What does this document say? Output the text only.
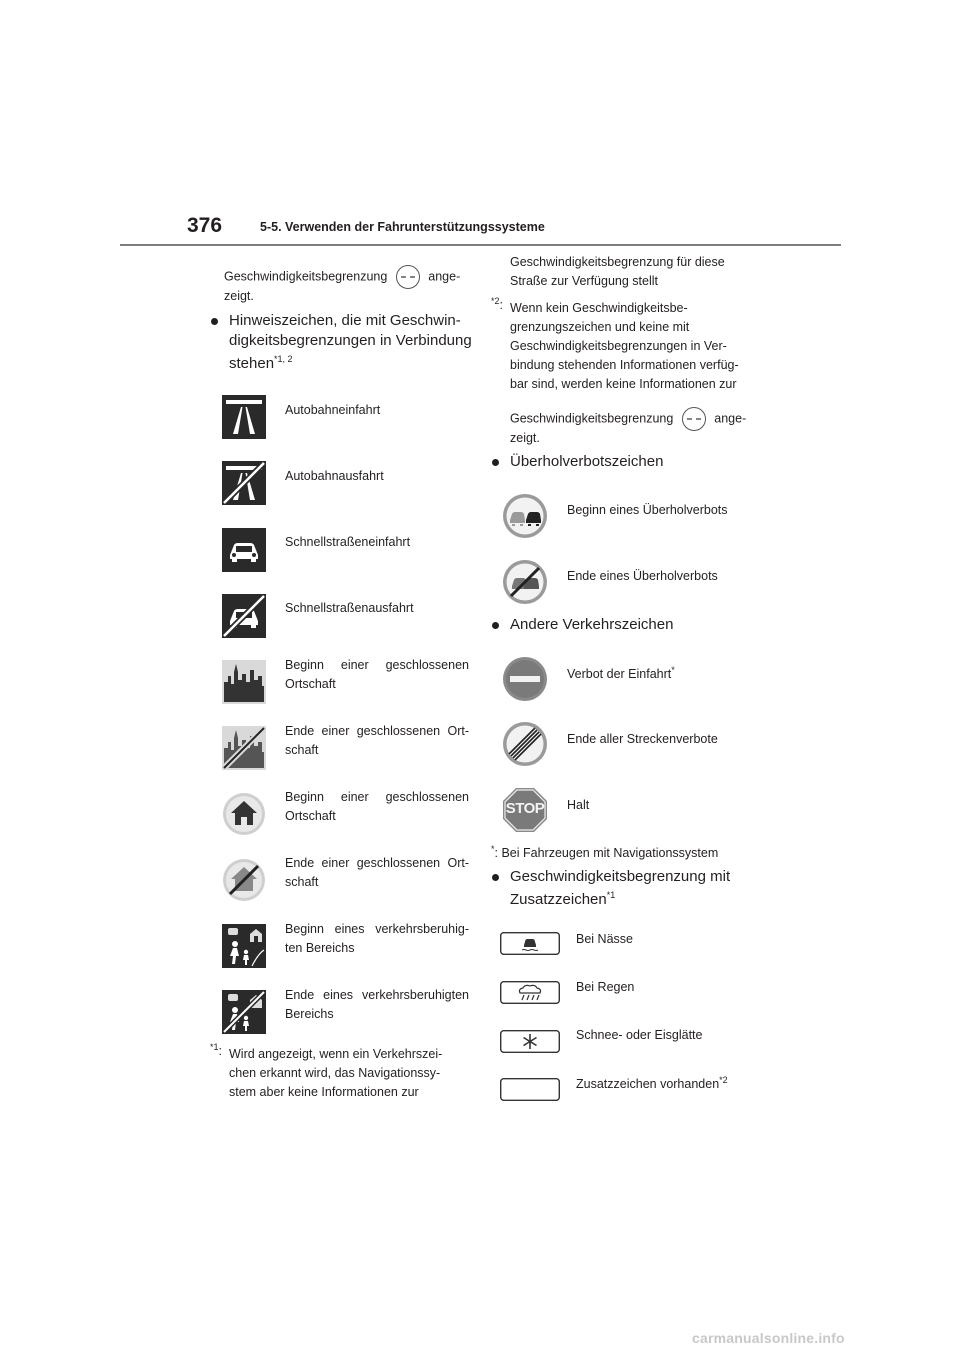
376	5-5. Verwenden der Fahrunterstützungssysteme
Geschwindigkeitsbegrenzung	ange-
zeigt.
Hinweiszeichen, die mit Geschwin-
digkeitsbegrenzungen in Verbindung
stehen$^{*1, 2}$
Autobahneinfahrt
Autobahnausfahrt
Schnellstraßeneinfahrt
Schnellstraßenausfahrt
Beginn einer geschlossenen
Ortschaft
Ende einer geschlossenen Ort-
schaft
Beginn einer geschlossenen
Ortschaft
Ende einer geschlossenen Ort-
schaft
Beginn eines verkehrsberuhig-
ten Bereichs
Ende eines verkehrsberuhigten
Bereichs
$^{*1}$: Wird angezeigt, wenn ein Verkehrszei-
chen erkannt wird, das Navigationssy-
stem aber keine Informationen zur
Geschwindigkeitsbegrenzung für diese
Straße zur Verfügung stellt
$^{*2}$: Wenn kein Geschwindigkeitsbe-
grenzungszeichen und keine mit
Geschwindigkeitsbegrenzungen in Ver-
bindung stehenden Informationen verfüg-
bar sind, werden keine Informationen zur
Geschwindigkeitsbegrenzung	ange-
zeigt.
Überholverbotszeichen
Beginn eines Überholverbots
Ende eines Überholverbots
Andere Verkehrszeichen
Verbot der Einfahrt*
Ende aller Streckenverbote
STOP Halt
*: Bei Fahrzeugen mit Navigationssystem
Geschwindigkeitsbegrenzung mit
Zusatzzeichen$^{*1}$
Bei Nässe
Bei Regen
Schnee- oder Eisglätte
Zusatzzeichen vorhanden$^{*2}$
carmanualsonline.info
